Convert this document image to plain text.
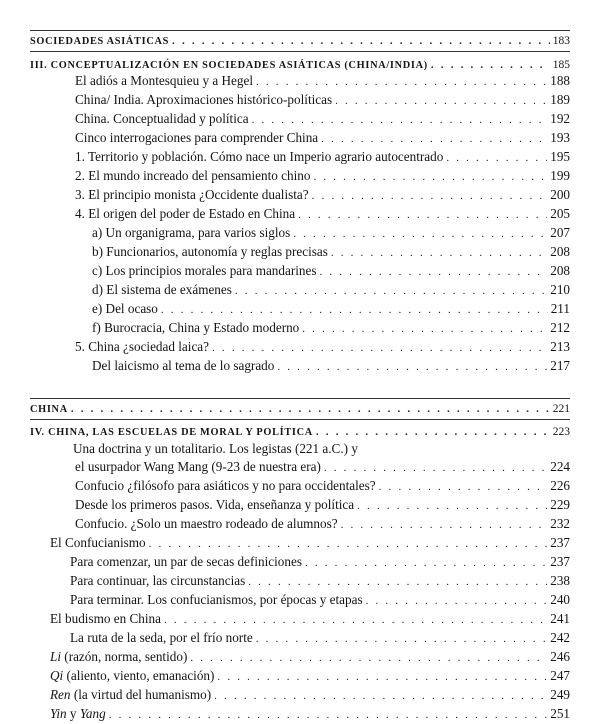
SOCIEDADES ASIÁTICAS . . .	183
III. CONCEPTUALIZACIÓN EN SOCIEDADES ASIÁTICAS (CHINA/INDIA) . . .	185
El adiós a Montesquieu y a Hegel . . .	188
China/ India. Aproximaciones histórico-políticas . . .	189
China. Conceptualidad y política . . .	192
Cinco interrogaciones para comprender China . . .	193
1. Territorio y población. Cómo nace un Imperio agrario autocentrado . . .	195
2. El mundo increado del pensamiento chino . . .	199
3. El principio monista ¿Occidente dualista? . . .	200
4. El origen del poder de Estado en China . . .	205
a) Un organigrama, para varios siglos . . .	207
b) Funcionarios, autonomía y reglas precisas . . .	208
c) Los principios morales para mandarines . . .	208
d) El sistema de exámenes . . .	210
e) Del ocaso . . .	211
f) Burocracia, China y Estado moderno . . .	212
5. China ¿sociedad laica? . . .	213
Del laicismo al tema de lo sagrado . . .	217
CHINA . . .	221
IV. CHINA, LAS ESCUELAS DE MORAL Y POLÍTICA . . .	223
Una doctrina y un totalitario. Los legistas (221 a.C.) y
el usurpador Wang Mang (9-23 de nuestra era) . . .	224
Confucio ¿filósofo para asiáticos y no para occidentales? . . .	226
Desde los primeros pasos. Vida, enseñanza y política . . .	229
Confucio. ¿Solo un maestro rodeado de alumnos? . . .	232
El Confucianismo . . .	237
Para comenzar, un par de secas definiciones . . .	237
Para continuar, las circunstancias . . .	238
Para terminar. Los confucianismos, por épocas y etapas . . .	240
El budismo en China . . .	241
La ruta de la seda, por el frío norte . . .	242
Li (razón, norma, sentido) . . .	246
Qi (aliento, viento, emanación) . . .	247
Ren (la virtud del humanismo) . . .	249
Yin y Yang . . .	251
